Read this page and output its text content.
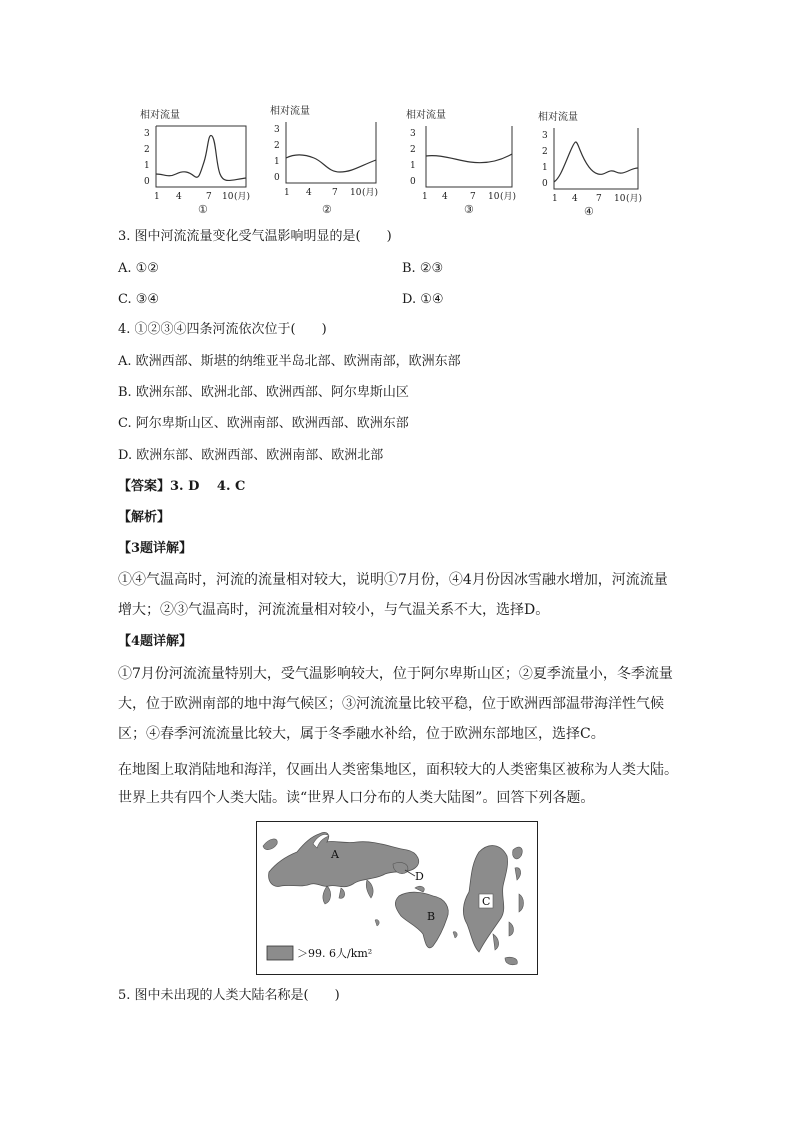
相对流量
3
2
1
0
1 4	7 10 (月)
①
相对流量
3
2
1
0
1 4 7 10 (月)
②
相对流量
3
2
1
0
1 4 7 10 (月)
③
相对流量
3
2
1
0
1 4 7 10 (月)
④
3. 图中河流流量变化受气温影响明显的是(　　)
A. ①②	B. ②③
C. ③④	D. ①④
4. ①②③④四条河流依次位于(　　)
A. 欧洲西部、斯堪的纳维亚半岛北部、欧洲南部，欧洲东部
B. 欧洲东部、欧洲北部、欧洲西部、阿尔卑斯山区
C. 阿尔卑斯山区、欧洲南部、欧洲西部、欧洲东部
D. 欧洲东部、欧洲西部、欧洲南部、欧洲北部
【答案】3. D　 4. C
【解析】
【3题详解】
①④气温高时，河流的流量相对较大，说明①7月份，④4月份因冰雪融水增加，河流流量增大；②③气温高时，河流流量相对较小，与气温关系不大，选择D。
【4题详解】
①7月份河流流量特别大，受气温影响较大，位于阿尔卑斯山区；②夏季流量小，冬季流量大，位于欧洲南部的地中海气候区；③河流流量比较平稳，位于欧洲西部温带海洋性气候区；④春季河流流量比较大，属于冬季融水补给，位于欧洲东部地区，选择C。
在地图上取消陆地和海洋，仅画出人类密集地区，面积较大的人类密集区被称为人类大陆。世界上共有四个人类大陆。读“世界人口分布的人类大陆图”。回答下列各题。
A
D
B
C
＞99. 6人/km²
5. 图中未出现的人类大陆名称是(　　)
